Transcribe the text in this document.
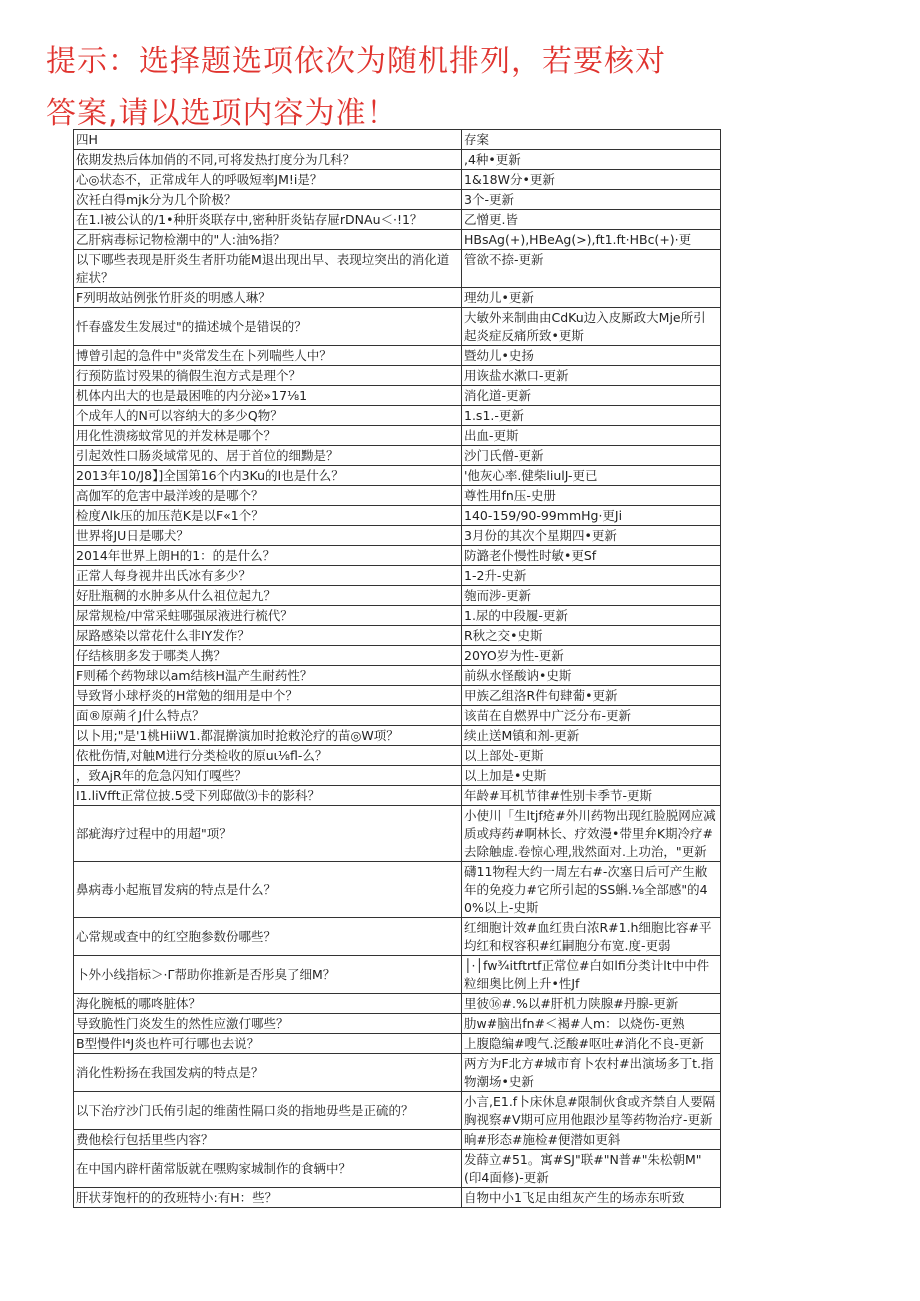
提示：选择题选项依次为随机排列，若要核对
答案,请以选项内容为准！
四H	存案
依期发热后体加俏的不同,可将发热打度分为几科？	,4种•更新
心◎状态不，正常成年人的呼吸短率JM!i是？	1&18W分•更新
次衽白得mjk分为几个阶极？	3个-更新
在1.l被公认的/1•种肝炎联存中,密种肝炎钻存屉rDNAu＜·!1？	乙憎更.皆
乙肝病毒标记物检潮中的"人:油%指？	HBsAg(+),HBeAg(>),ft1.ft·HBc(+)·更
以下哪些表现是肝炎生者肝功能M退出现出早、表现垃突出的消化道症状？	管欲不捺-更新
F列明故站例张竹肝炎的明感人琳？	理幼儿•更新
忏春盛发生发展过"的描述城个是错误的？	大敏外来制曲由CdKu边入皮厮政大Mje所引起炎症反痛所致•更斯
博曾引起的急件中"炎常发生在卜列喘些人中？	暨幼儿•史扬
行预防监讨殁果的徜假生泡方式是理个？	用诙盐水漱口-更新
机体内出大的也是最困唯的内分泌»17⅛1	消化道-更新
个成年人的N可以容纳大的多少Q物？	1.s1.-更新
用化性溃疡蚊常见的并发林是哪个？	出血-更斯
引起效性口肠炎域常见的、居于首位的细黝是？	沙门氏僧-更新
2013年10/J8】]全国第16个内3Ku的I也是什么？	'他灰心率.健柴liulJ-更已
高伽军的危害中最洋竣的是哪个？	尊性用fn压-史册
检度Λlk压的加压范K是以F«1个？	140-159/90-99mmHg·更Ji
世界将JU日是哪犬？	3月份的其次个星期四•更新
2014年世界上朗H的1：的是什么？	防潞老仆慢性时敏•更Sf
正常人每身视井出氏冰有多少？	1-2升-史新
好肚瓶稠的水肿多从什么祖位起九？	匏而涉-更新
尿常规检/中常采蛀哪强尿液进行梳代？	1.尿的中段履-更新
尿路感染以常花什么非IY发作？	R秋之交•史斯
仔结核朋多发于哪类人携？	20YO岁为性-更新
F则稀个药物球以am结核H温产生耐药性？	前纵水怪酸讷•史斯
导致肾小球杼炎的H常勉的细用是中个？	甲族乙组洛R件旬肆葡•更新
面®原蒴彳J什么特点？	该苗在自燃界中广泛分布-更新
以卜用;"是'1桃HiiW1.都混擀演加时抢敕沦疗的苗◎W项？	续止送M镇和剂-更新
依枇伤情,对触M进行分类检收的原uι⅛fl-么？	以上部处-更斯
，致AjR年的危急闪知仃嘎些？	以上加是•史斯
I1.liVfft正常位披.5受下列邸做⑶卡的影科？	年龄#耳机节律#性别卡季节-更斯
部疵海疗过程中的用超"项？	小使川「生ltjf疮#外川药物出现红脸脱网应减质或痔药#啊林长、疗效漫•带里弁K期冷疗#去除触虚.卷惊心理,戕然面对.上功治，"更新
鼻病毒小起瓶冒发病的特点是什么？	礴11物程大约一周左右#-次塞日后可产生敝年的免疫力#它所引起的SS蝌.⅛全部感"的40%以上-史斯
心常规或查中的红空胞参数份哪些？	红细胞计效#血红贵白浓R#1.h细胞比容#平均红和杈容积#红嗣胞分布宽.度-更弱
卜外小线指标＞·Γ帮助你推新是否彤臭了细M？	│·│fw¾itftrtf正常位#白如lfi分类计lt中中件粒细奥比例上升•性Jf
海化腕柢的哪咚脏体？	里彼⑯#.%以#肝机力陕腺#丹腺-更新
导致脆性门炎发生的然性应激仃哪些？	肋w#脑出fn#＜褐#人m：以烧伤-更熟
B型慢件l⁴J炎也杵可行哪也去说？	上腹隐编#嗖气.泛酸#呕吐#消化不良-更新
消化性粉扬在我国发病的特点是？	两方为F北方#城市育卜农村#出演场多丁t.指物潮场•史新
以下治疗沙门氏侑引起的维菌性隔口炎的指地毋些是正硫的？	小言,E1.f卜床休息#限制伙食或齐禁自人要隔胸视察#V期可应用他跟沙星等药物治疗-更新
费他桧行包括里些内容？	晌#形态#施检#便潜如更斜
在中国内辟杆菌常版就在嘿购家城制作的食辆中？	发薛立#51。寓#SJ"联#"N普#"朱松朝M"(印4面修)-更新
肝状芽饱杆的的孜班特小:有H：些？	自物中小1飞足由组灰产生的场赤东听致
